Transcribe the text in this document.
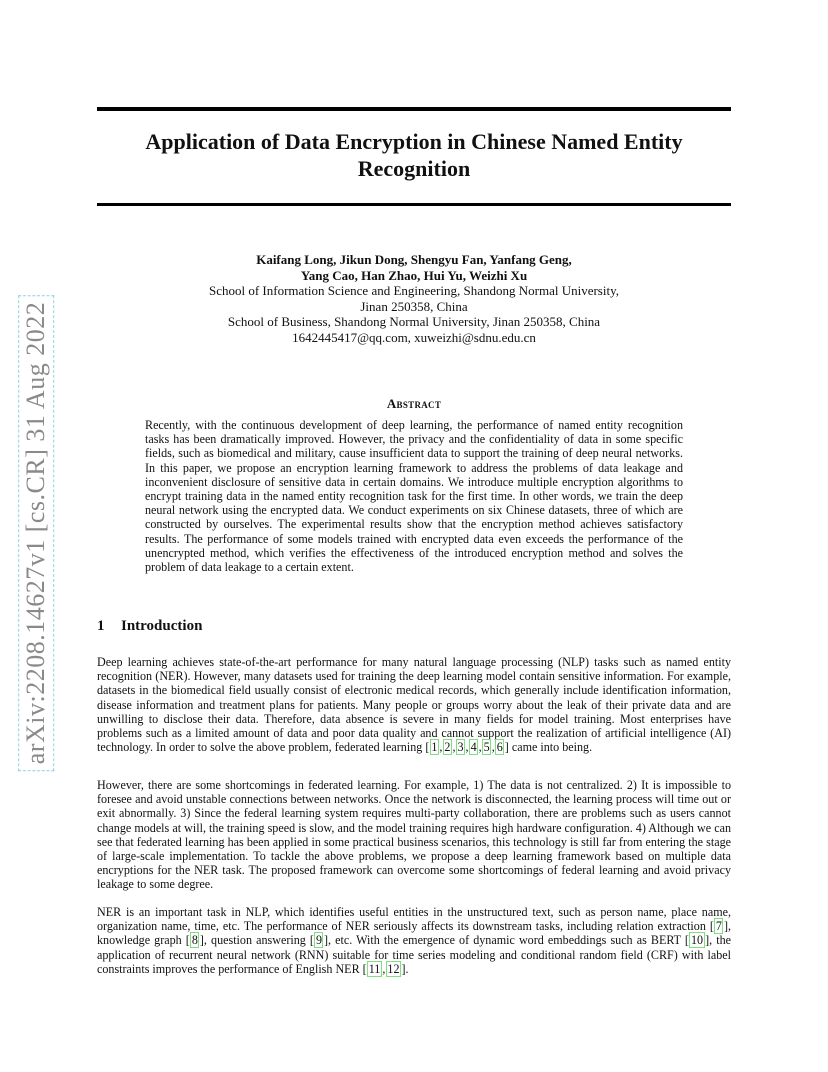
arXiv:2208.14627v1 [cs.CR] 31 Aug 2022
Application of Data Encryption in Chinese Named Entity
Recognition
Kaifang Long, Jikun Dong, Shengyu Fan, Yanfang Geng,
Yang Cao, Han Zhao, Hui Yu, Weizhi Xu
School of Information Science and Engineering, Shandong Normal University,
Jinan 250358, China
School of Business, Shandong Normal University, Jinan 250358, China
1642445417@qq.com, xuweizhi@sdnu.edu.cn
Abstract

Recently, with the continuous development of deep learning, the performance of named entity recognition tasks has been dramatically improved. However, the privacy and the confidentiality of data in some specific fields, such as biomedical and military, cause insufficient data to support the training of deep neural networks. In this paper, we propose an encryption learning framework to address the problems of data leakage and inconvenient disclosure of sensitive data in certain domains. We introduce multiple encryption algorithms to encrypt training data in the named entity recognition task for the first time. In other words, we train the deep neural network using the encrypted data. We conduct experiments on six Chinese datasets, three of which are constructed by ourselves. The experimental results show that the encryption method achieves satisfactory results. The performance of some models trained with encrypted data even exceeds the performance of the unencrypted method, which verifies the effectiveness of the introduced encryption method and solves the problem of data leakage to a certain extent.

1 Introduction

Deep learning achieves state-of-the-art performance for many natural language processing (NLP) tasks such as named entity recognition (NER). However, many datasets used for training the deep learning model contain sensitive information. For example, datasets in the biomedical field usually consist of electronic medical records, which generally include identification information, disease information and treatment plans for patients. Many people or groups worry about the leak of their private data and are unwilling to disclose their data. Therefore, data absence is severe in many fields for model training. Most enterprises have problems such as a limited amount of data and poor data quality and cannot support the realization of artificial intelligence (AI) technology. In order to solve the above problem, federated learning [ 1 , 2 , 3 , 4 , 5 , 6 ] came into being.

However, there are some shortcomings in federated learning. For example, 1) The data is not centralized. 2) It is impossible to foresee and avoid unstable connections between networks. Once the network is disconnected, the learning process will time out or exit abnormally. 3) Since the federal learning system requires multi-party collaboration, there are problems such as users cannot change models at will, the training speed is slow, and the model training requires high hardware configuration. 4) Although we can see that federated learning has been applied in some practical business scenarios, this technology is still far from entering the stage of large-scale implementation. To tackle the above problems, we propose a deep learning framework based on multiple data encryptions for the NER task. The proposed framework can overcome some shortcomings of federal learning and avoid privacy leakage to some degree.

NER is an important task in NLP, which identifies useful entities in the unstructured text, such as person name, place name, organization name, time, etc. The performance of NER seriously affects its downstream tasks, including relation extraction [ 7 ], knowledge graph [ 8 ], question answering [ 9 ], etc. With the emergence of dynamic word embeddings such as BERT [ 10 ], the application of recurrent neural network (RNN) suitable for time series modeling and conditional random field (CRF) with label constraints improves the performance of English NER [ 11 , 12 ].
